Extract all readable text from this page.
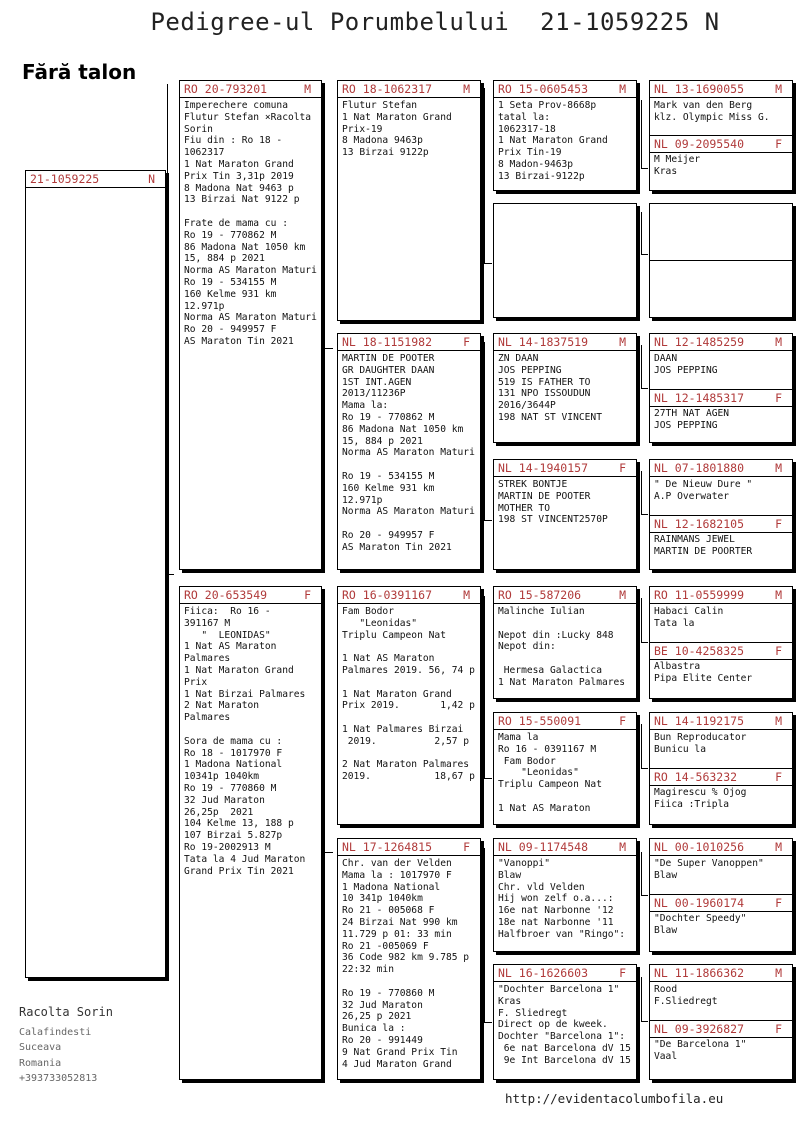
Pedigree-ul Porumbelului 21-1059225 N
Fără talon
21-1059225	N
RO 20-793201	M
Imperechere comuna
Flutur Stefan ×Racolta
Sorin
Fiu din : Ro 18 -
1062317
1 Nat Maraton Grand
Prix Tin 3,31p 2019
8 Madona Nat 9463 p
13 Birzai Nat 9122 p

Frate de mama cu :
Ro 19 - 770862 M
86 Madona Nat 1050 km
15, 884 p 2021
Norma AS Maraton Maturi
Ro 19 - 534155 M
160 Kelme 931 km
12.971p
Norma AS Maraton Maturi
Ro 20 - 949957 F
AS Maraton Tin 2021
RO 20-653549	F
Fiica:  Ro 16 -
391167 M
"  LEONIDAS"
1 Nat AS Maraton
Palmares
1 Nat Maraton Grand
Prix
1 Nat Birzai Palmares
2 Nat Maraton
Palmares

Sora de mama cu :
Ro 18 - 1017970 F
1 Madona National
10341p 1040km
Ro 19 - 770860 M
32 Jud Maraton
26,25p  2021
104 Kelme 13, 188 p
107 Birzai 5.827p
Ro 19-2002913 M
Tata la 4 Jud Maraton
Grand Prix Tin 2021
RO 18-1062317	M
Flutur Stefan
1 Nat Maraton Grand
Prix-19
8 Madona 9463p
13 Birzai 9122p
NL 18-1151982	F
MARTIN DE POOTER
GR DAUGHTER DAAN
1ST INT.AGEN
2013/11236P
Mama la:
Ro 19 - 770862 M
86 Madona Nat 1050 km
15, 884 p 2021
Norma AS Maraton Maturi

Ro 19 - 534155 M
160 Kelme 931 km
12.971p
Norma AS Maraton Maturi

Ro 20 - 949957 F
AS Maraton Tin 2021
RO 16-0391167	M
Fam Bodor
"Leonidas"
Triplu Campeon Nat

1 Nat AS Maraton
Palmares 2019. 56, 74 p

1 Nat Maraton Grand
Prix 2019.       1,42 p

1 Nat Palmares Birzai
2019.          2,57 p

2 Nat Maraton Palmares
2019.           18,67 p
NL 17-1264815	F
Chr. van der Velden
Mama la : 1017970 F
1 Madona National
10 341p 1040km
Ro 21 - 005068 F
24 Birzai Nat 990 km
11.729 p 01: 33 min
Ro 21 -005069 F
36 Code 982 km 9.785 p
22:32 min

Ro 19 - 770860 M
32 Jud Maraton
26,25 p 2021
Bunica la :
Ro 20 - 991449
9 Nat Grand Prix Tin
4 Jud Maraton Grand
RO 15-0605453	M
1 Seta Prov-8668p
tatal la:
1062317-18
1 Nat Maraton Grand
Prix Tin-19
8 Madon-9463p
13 Birzai-9122p
NL 14-1837519	M
ZN DAAN
JOS PEPPING
519 IS FATHER TO
131 NPO ISSOUDUN
2016/3644P
198 NAT ST VINCENT
NL 14-1940157	F
STREK BONTJE
MARTIN DE POOTER
MOTHER TO
198 ST VINCENT2570P
RO 15-587206	M
Malinche Iulian

Nepot din :Lucky 848
Nepot din:

Hermesa Galactica
1 Nat Maraton Palmares
RO 15-550091	F
Mama la
Ro 16 - 0391167 M
Fam Bodor
"Leonidas"
Triplu Campeon Nat

1 Nat AS Maraton
NL 09-1174548	M
"Vanoppi"
Blaw
Chr. vld Velden
Hij won zelf o.a...:
16e nat Narbonne '12
18e nat Narbonne '11
Halfbroer van "Ringo":
NL 16-1626603	F
"Dochter Barcelona 1"
Kras
F. Sliedregt
Direct op de kweek.
Dochter "Barcelona 1":
6e nat Barcelona dV 15
9e Int Barcelona dV 15
NL 13-1690055	M
Mark van den Berg
klz. Olympic Miss G.
NL 09-2095540	F
M Meijer
Kras
NL 12-1485259	M
DAAN
JOS PEPPING
NL 12-1485317	F
27TH NAT AGEN
JOS PEPPING
NL 07-1801880	M
" De Nieuw Dure "
A.P Overwater
NL 12-1682105	F
RAINMANS JEWEL
MARTIN DE POORTER
RO 11-0559999	M
Habaci Calin
Tata la
BE 10-4258325	F
Albastra
Pipa Elite Center
NL 14-1192175	M
Bun Reproducator
Bunicu la
RO 14-563232	F
Magirescu % Ojog
Fiica :Tripla
NL 00-1010256	M
"De Super Vanoppen"
Blaw
NL 00-1960174	F
"Dochter Speedy"
Blaw
NL 11-1866362	M
Rood
F.Sliedregt
NL 09-3926827	F
"De Barcelona 1"
Vaal
Racolta Sorin
Calafindesti
Suceava
Romania
+393733052813
http://evidentacolumbofila.eu
